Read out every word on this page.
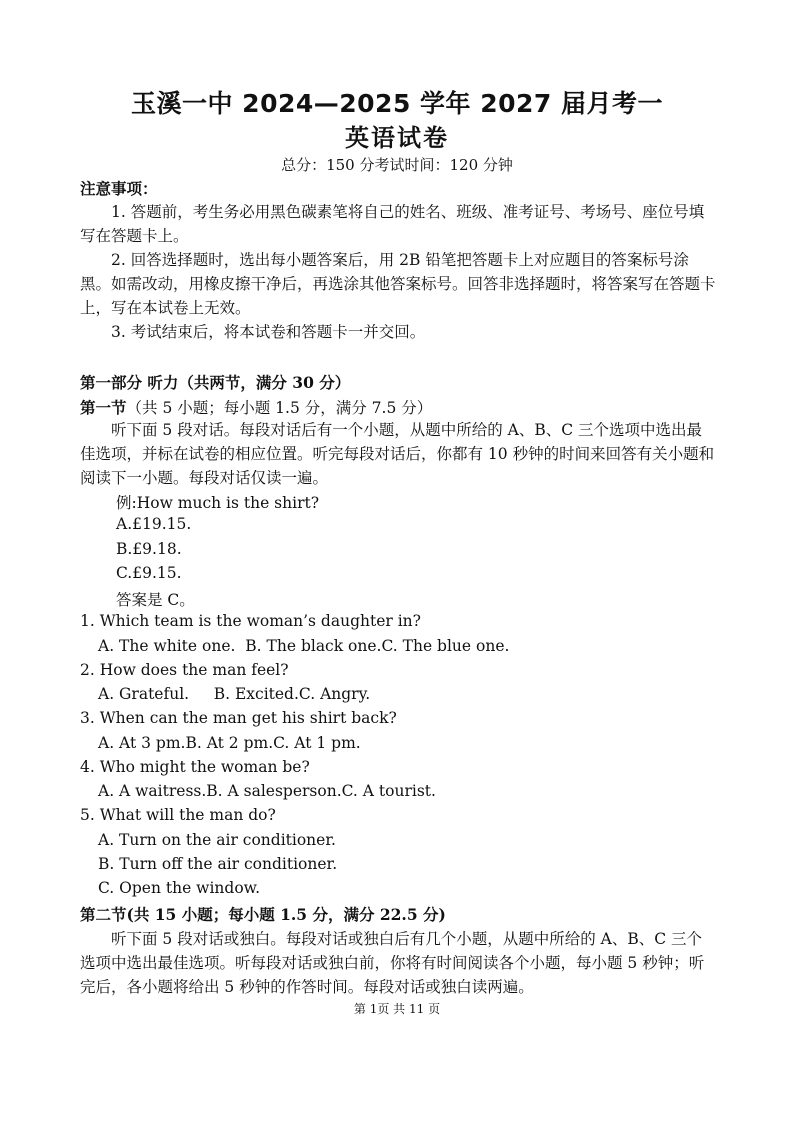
玉溪一中 2024—2025 学年 2027 届月考一
英语试卷
总分：150 分考试时间：120 分钟
注意事项：
1. 答题前，考生务必用黑色碳素笔将自己的姓名、班级、准考证号、考场号、座位号填写在答题卡上。
2. 回答选择题时，选出每小题答案后，用 2B 铅笔把答题卡上对应题目的答案标号涂黑。如需改动，用橡皮擦干净后，再选涂其他答案标号。回答非选择题时，将答案写在答题卡上，写在本试卷上无效。
3. 考试结束后，将本试卷和答题卡一并交回。
第一部分 听力（共两节，满分 30 分）
第一节（共 5 小题；每小题 1.5 分，满分 7.5 分）
听下面 5 段对话。每段对话后有一个小题，从题中所给的 A、B、C 三个选项中选出最佳选项，并标在试卷的相应位置。听完每段对话后，你都有 10 秒钟的时间来回答有关小题和阅读下一小题。每段对话仅读一遍。
例:How much is the shirt?
A.£19.15.
B.£9.18.
C.£9.15.
答案是 C。
1. Which team is the woman’s daughter in?
A. The white one.  B. The black one.C. The blue one.
2. How does the man feel?
A. Grateful.     B. Excited.C. Angry.
3. When can the man get his shirt back?
A. At 3 pm.B. At 2 pm.C. At 1 pm.
4. Who might the woman be?
A. A waitress.B. A salesperson.C. A tourist.
5. What will the man do?
A. Turn on the air conditioner.
B. Turn off the air conditioner.
C. Open the window.
第二节(共 15 小题；每小题 1.5 分，满分 22.5 分)
听下面 5 段对话或独白。每段对话或独白后有几个小题，从题中所给的 A、B、C 三个选项中选出最佳选项。听每段对话或独白前，你将有时间阅读各个小题，每小题 5 秒钟；听完后，各小题将给出 5 秒钟的作答时间。每段对话或独白读两遍。
第 1页 共 11 页
